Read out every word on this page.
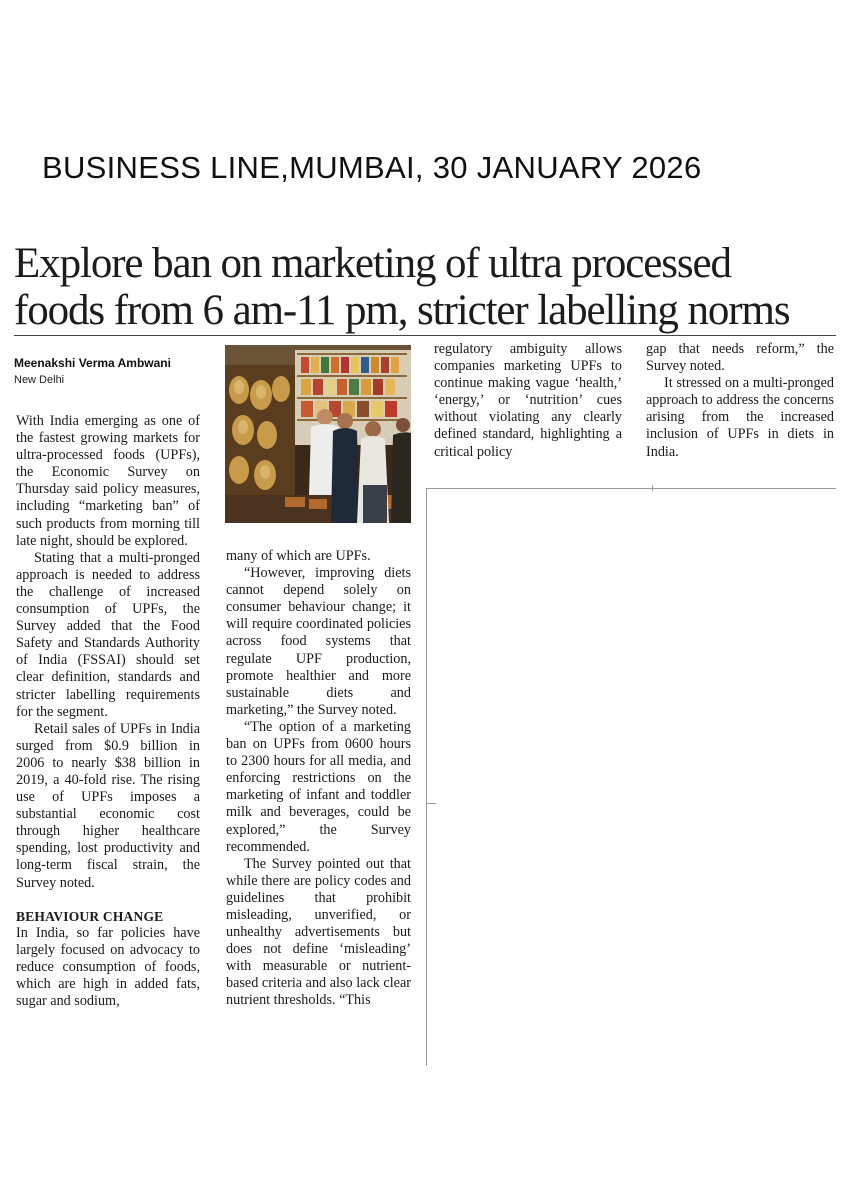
BUSINESS LINE,MUMBAI, 30 JANUARY 2026
Explore ban on marketing of ultra processed
foods from 6 am-11 pm, stricter labelling norms
Meenakshi Verma Ambwani
New Delhi

With India emerging as one of the fastest growing markets for ultra-processed foods (UPFs), the Economic Survey on Thursday said policy measures, including “marketing ban” of such products from morning till late night, should be explored.

Stating that a multi-pronged approach is needed to address the challenge of increased consumption of UPFs, the Survey added that the Food Safety and Standards Authority of India (FSSAI) should set clear definition, standards and stricter labelling requirements for the segment.

Retail sales of UPFs in India surged from $0.9 billion in 2006 to nearly $38 billion in 2019, a 40-fold rise. The rising use of UPFs imposes a substantial economic cost through higher healthcare spending, lost productivity and long-term fiscal strain, the Survey noted.

BEHAVIOUR CHANGE

In India, so far policies have largely focused on advocacy to reduce consumption of foods, which are high in added fats, sugar and sodium,

many of which are UPFs.

“However, improving diets cannot depend solely on consumer behaviour change; it will require coordinated policies across food systems that regulate UPF production, promote healthier and more sustainable diets and marketing,” the Survey noted.

“The option of a marketing ban on UPFs from 0600 hours to 2300 hours for all media, and enforcing restrictions on the marketing of infant and toddler milk and beverages, could be explored,” the Survey recommended.

The Survey pointed out that while there are policy codes and guidelines that prohibit misleading, unverified, or unhealthy advertisements but does not define ‘misleading’ with measurable or nutrient-based criteria and also lack clear nutrient thresholds. “This

regulatory ambiguity allows companies marketing UPFs to continue making vague ‘health,’ ‘energy,’ or ‘nutrition’ cues without violating any clearly defined standard, highlighting a critical policy

gap that needs reform,” the Survey noted.

It stressed on a multi-pronged approach to address the concerns arising from the increased inclusion of UPFs in diets in India.
